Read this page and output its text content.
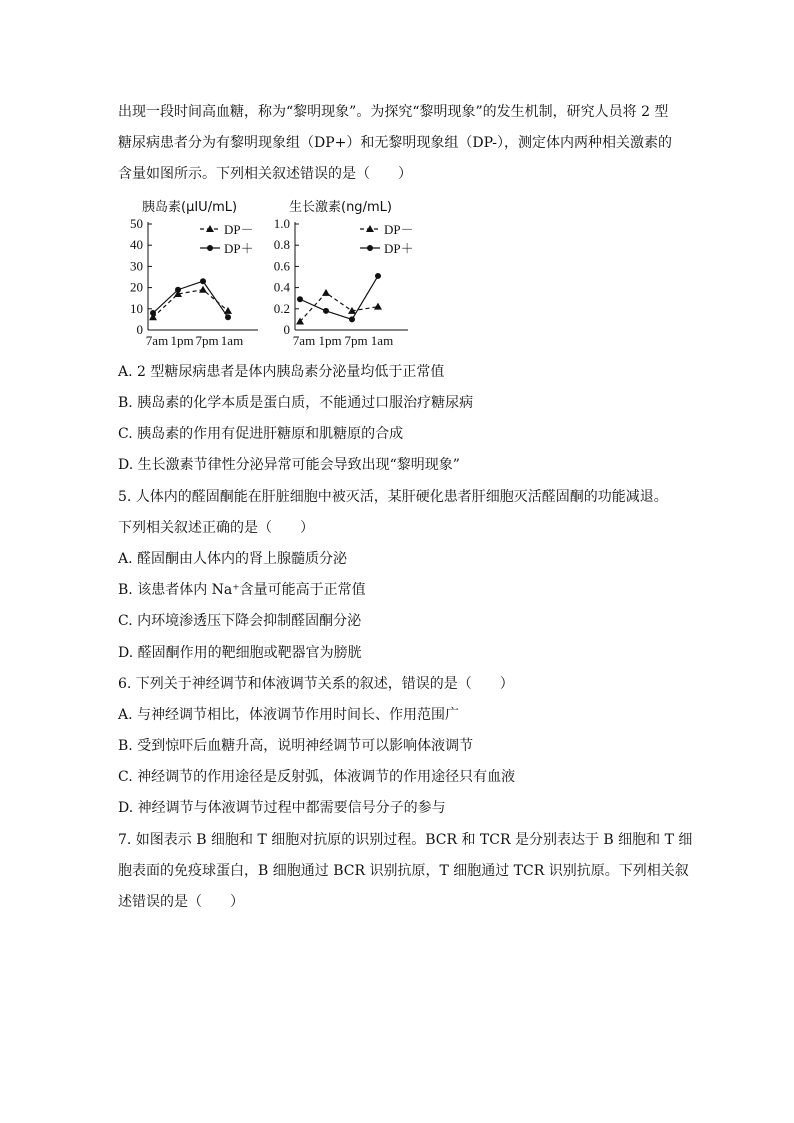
出现一段时间高血糖，称为“黎明现象”。为探究“黎明现象”的发生机制，研究人员将 2 型
糖尿病患者分为有黎明现象组（DP+）和无黎明现象组（DP-），测定体内两种相关激素的
含量如图所示。下列相关叙述错误的是（　　）
胰岛素(μIU/mL)
0
10
20
30
40
50
7am 1pm 7pm 1am
DP－
DP＋
生长激素(ng/mL)
0
0.2
0.4
0.6
0.8
1.0
7am 1pm 7pm 1am
DP－
DP＋
A. 2 型糖尿病患者是体内胰岛素分泌量均低于正常值
B. 胰岛素的化学本质是蛋白质，不能通过口服治疗糖尿病
C. 胰岛素的作用有促进肝糖原和肌糖原的合成
D. 生长激素节律性分泌异常可能会导致出现“黎明现象”
5. 人体内的醛固酮能在肝脏细胞中被灭活，某肝硬化患者肝细胞灭活醛固酮的功能减退。
下列相关叙述正确的是（　　）
A. 醛固酮由人体内的肾上腺髓质分泌
B. 该患者体内 Na⁺含量可能高于正常值
C. 内环境渗透压下降会抑制醛固酮分泌
D. 醛固酮作用的靶细胞或靶器官为膀胱
6. 下列关于神经调节和体液调节关系的叙述，错误的是（　　）
A. 与神经调节相比，体液调节作用时间长、作用范围广
B. 受到惊吓后血糖升高，说明神经调节可以影响体液调节
C. 神经调节的作用途径是反射弧，体液调节的作用途径只有血液
D. 神经调节与体液调节过程中都需要信号分子的参与
7. 如图表示 B 细胞和 T 细胞对抗原的识别过程。BCR 和 TCR 是分别表达于 B 细胞和 T 细
胞表面的免疫球蛋白，B 细胞通过 BCR 识别抗原，T 细胞通过 TCR 识别抗原。下列相关叙
述错误的是（　　）
